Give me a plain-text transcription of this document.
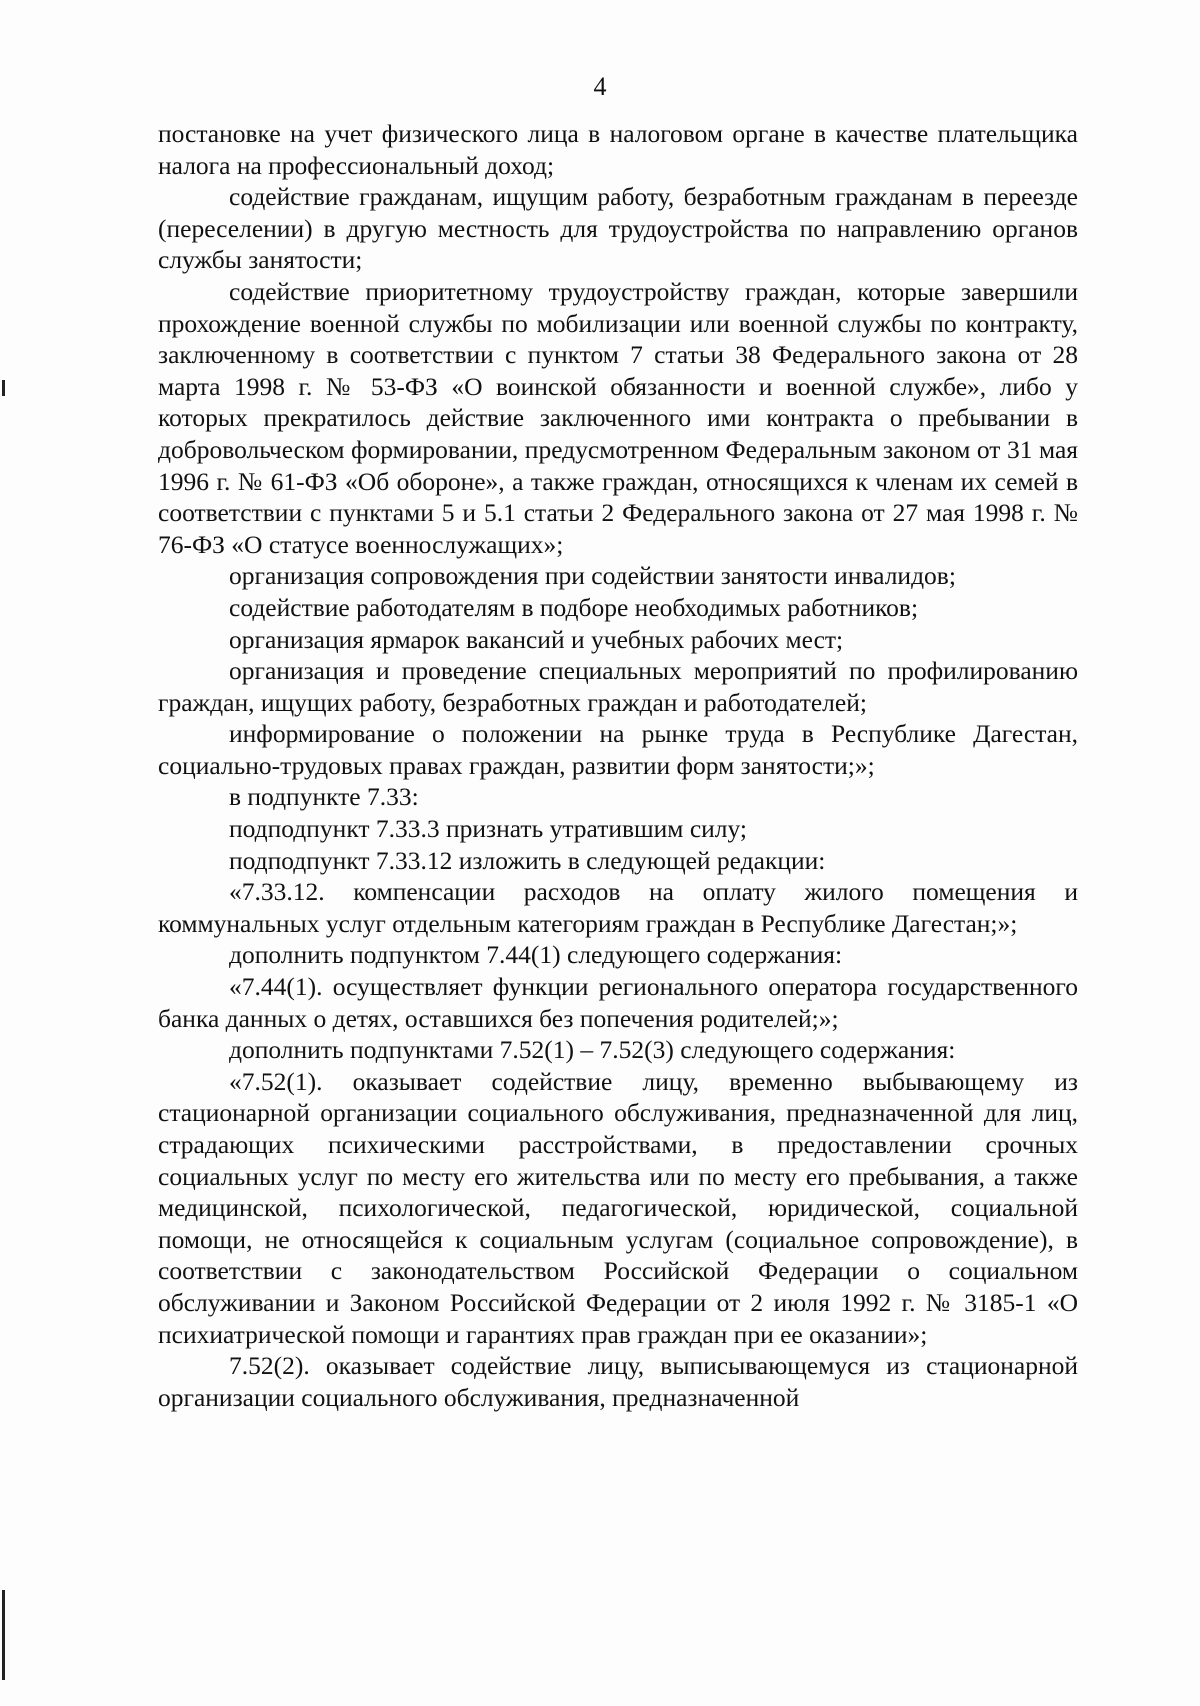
4

постановке на учет физического лица в налоговом органе в качестве плательщика налога на профессиональный доход;

содействие гражданам, ищущим работу, безработным гражданам в переезде (переселении) в другую местность для трудоустройства по направлению органов службы занятости;

содействие приоритетному трудоустройству граждан, которые завершили прохождение военной службы по мобилизации или военной службы по контракту, заключенному в соответствии с пунктом 7 статьи 38 Федерального закона от 28 марта 1998 г. № 53-ФЗ «О воинской обязанности и военной службе», либо у которых прекратилось действие заключенного ими контракта о пребывании в добровольческом формировании, предусмотренном Федеральным законом от 31 мая 1996 г. № 61-ФЗ «Об обороне», а также граждан, относящихся к членам их семей в соответствии с пунктами 5 и 5.1 статьи 2 Федерального закона от 27 мая 1998 г. № 76-ФЗ «О статусе военнослужащих»;

организация сопровождения при содействии занятости инвалидов;

содействие работодателям в подборе необходимых работников;

организация ярмарок вакансий и учебных рабочих мест;

организация и проведение специальных мероприятий по профилированию граждан, ищущих работу, безработных граждан и работодателей;

информирование о положении на рынке труда в Республике Дагестан, социально-трудовых правах граждан, развитии форм занятости;»;

в подпункте 7.33:

подподпункт 7.33.3 признать утратившим силу;

подподпункт 7.33.12 изложить в следующей редакции:

«7.33.12. компенсации расходов на оплату жилого помещения и коммунальных услуг отдельным категориям граждан в Республике Дагестан;»;

дополнить подпунктом 7.44(1) следующего содержания:

«7.44(1). осуществляет функции регионального оператора государственного банка данных о детях, оставшихся без попечения родителей;»;

дополнить подпунктами 7.52(1) – 7.52(3) следующего содержания:

«7.52(1). оказывает содействие лицу, временно выбывающему из стационарной организации социального обслуживания, предназначенной для лиц, страдающих психическими расстройствами, в предоставлении срочных социальных услуг по месту его жительства или по месту его пребывания, а также медицинской, психологической, педагогической, юридической, социальной помощи, не относящейся к социальным услугам (социальное сопровождение), в соответствии с законодательством Российской Федерации о социальном обслуживании и Законом Российской Федерации от 2 июля 1992 г. № 3185-1 «О психиатрической помощи и гарантиях прав граждан при ее оказании»;

7.52(2). оказывает содействие лицу, выписывающемуся из стационарной организации социального обслуживания, предназначенной
